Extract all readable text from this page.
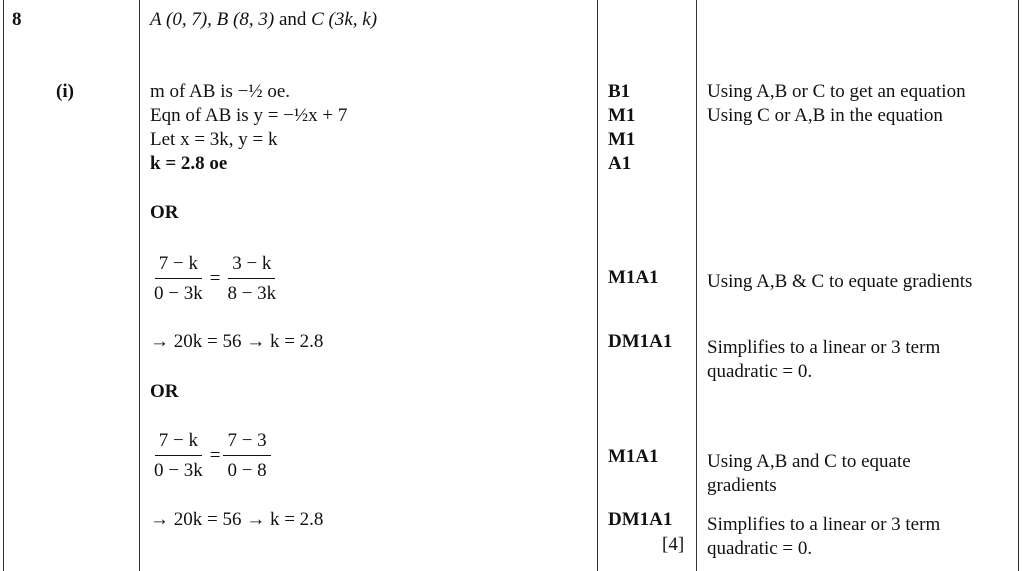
8	A (0, 7), B (8, 3) and C (3k, k)
(i)	m of AB is −½ oe.
Eqn of AB is y = −½x + 7
Let x = 3k, y = k
k = 2.8 oe
OR
$\frac{7 - k}{0 - 3k} = \frac{3 - k}{8 - 3k}$
→ 20k = 56 → k = 2.8
OR
$\frac{7 - k}{0 - 3k} = \frac{7 - 3}{0 - 8}$
→ 20k = 56 → k = 2.8
B1
M1
M1
A1
M1A1
DM1A1
M1A1
DM1A1
[4]
Using A,B or C to get an equation
Using C or A,B in the equation
Using A,B & C to equate gradients
Simplifies to a linear or 3 term
quadratic = 0.
Using A,B and C to equate
gradients
Simplifies to a linear or 3 term
quadratic = 0.
